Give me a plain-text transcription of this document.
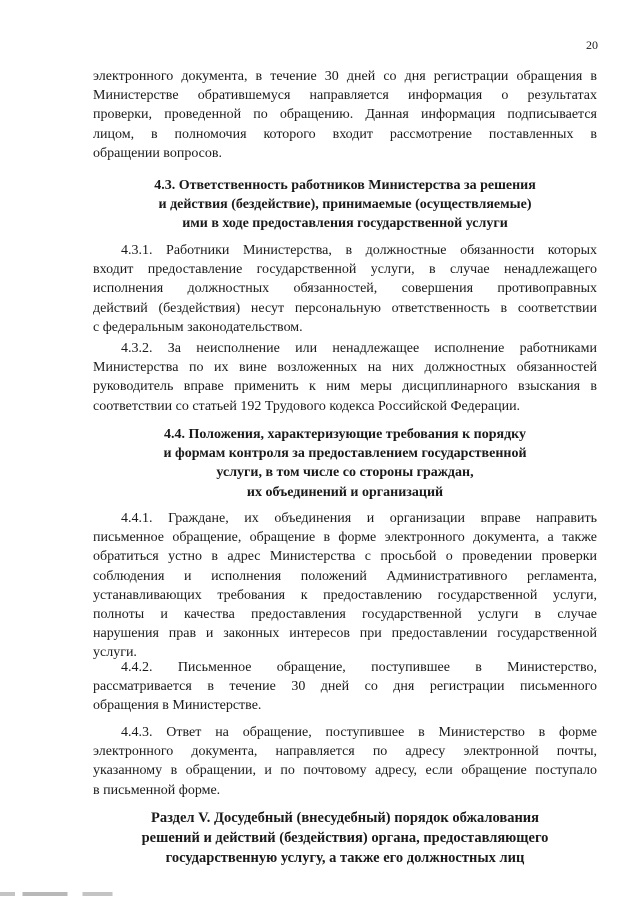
20
электронного документа, в течение 30 дней со дня регистрации обращения в
Министерстве обратившемуся направляется информация о результатах
проверки, проведенной по обращению. Данная информация подписывается
лицом, в полномочия которого входит рассмотрение поставленных в
обращении вопросов.
4.3. Ответственность работников Министерства за решения
и действия (бездействие), принимаемые (осуществляемые)
ими в ходе предоставления государственной услуги
4.3.1. Работники Министерства, в должностные обязанности которых
входит предоставление государственной услуги, в случае ненадлежащего
исполнения должностных обязанностей, совершения противоправных
действий (бездействия) несут персональную ответственность в соответствии
с федеральным законодательством.
4.3.2. За неисполнение или ненадлежащее исполнение работниками
Министерства по их вине возложенных на них должностных обязанностей
руководитель вправе применить к ним меры дисциплинарного взыскания в
соответствии со статьей 192 Трудового кодекса Российской Федерации.
4.4. Положения, характеризующие требования к порядку
и формам контроля за предоставлением государственной
услуги, в том числе со стороны граждан,
их объединений и организаций
4.4.1. Граждане, их объединения и организации вправе направить
письменное обращение, обращение в форме электронного документа, а также
обратиться устно в адрес Министерства с просьбой о проведении проверки
соблюдения и исполнения положений Административного регламента,
устанавливающих требования к предоставлению государственной услуги,
полноты и качества предоставления государственной услуги в случае
нарушения прав и законных интересов при предоставлении государственной
услуги.
4.4.2. Письменное обращение, поступившее в Министерство,
рассматривается в течение 30 дней со дня регистрации письменного
обращения в Министерстве.
4.4.3. Ответ на обращение, поступившее в Министерство в форме
электронного документа, направляется по адресу электронной почты,
указанному в обращении, и по почтовому адресу, если обращение поступало
в письменной форме.
Раздел V. Досудебный (внесудебный) порядок обжалования
решений и действий (бездействия) органа, предоставляющего
государственную услугу, а также его должностных лиц
